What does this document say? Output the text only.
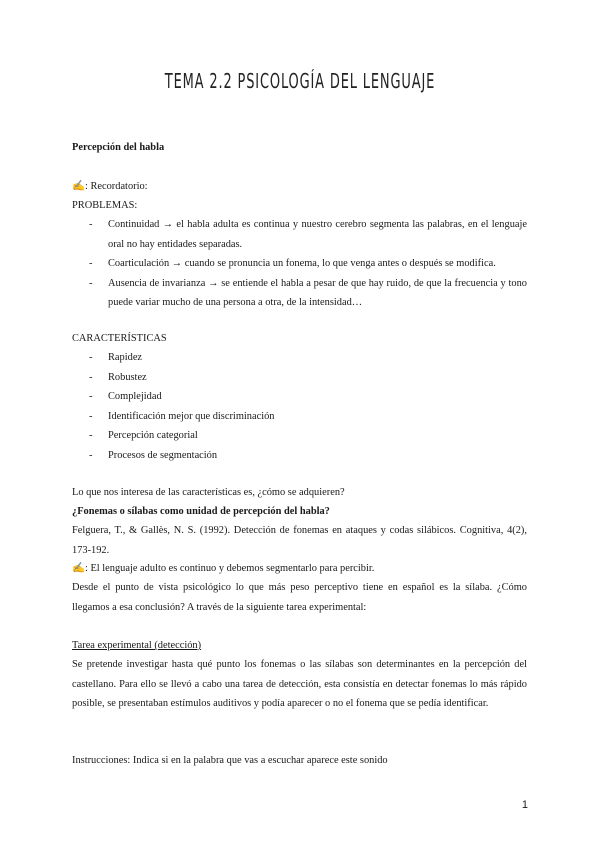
TEMA 2.2 PSICOLOGÍA DEL LENGUAJE
Percepción del habla
✍: Recordatorio:
PROBLEMAS:
- Continuidad → el habla adulta es continua y nuestro cerebro segmenta las palabras, en el lenguaje oral no hay entidades separadas.
- Coarticulación → cuando se pronuncia un fonema, lo que venga antes o después se modifica.
- Ausencia de invarianza → se entiende el habla a pesar de que hay ruido, de que la frecuencia y tono puede variar mucho de una persona a otra, de la intensidad…
CARACTERÍSTICAS
- Rapidez
- Robustez
- Complejidad
- Identificación mejor que discriminación
- Percepción categorial
- Procesos de segmentación
Lo que nos interesa de las características es, ¿cómo se adquieren?
¿Fonemas o sílabas como unidad de percepción del habla?
Felguera, T., & Gallès, N. S. (1992). Detección de fonemas en ataques y codas silábicos. Cognitiva, 4(2), 173-192.
✍: El lenguaje adulto es continuo y debemos segmentarlo para percibir.
Desde el punto de vista psicológico lo que más peso perceptivo tiene en español es la sílaba. ¿Cómo llegamos a esa conclusión? A través de la siguiente tarea experimental:
Tarea experimental (detección)
Se pretende investigar hasta qué punto los fonemas o las sílabas son determinantes en la percepción del castellano. Para ello se llevó a cabo una tarea de detección, esta consistía en detectar fonemas lo más rápido posible, se presentaban estímulos auditivos y podía aparecer o no el fonema que se pedía identificar.
Instrucciones: Indica si en la palabra que vas a escuchar aparece este sonido
1
